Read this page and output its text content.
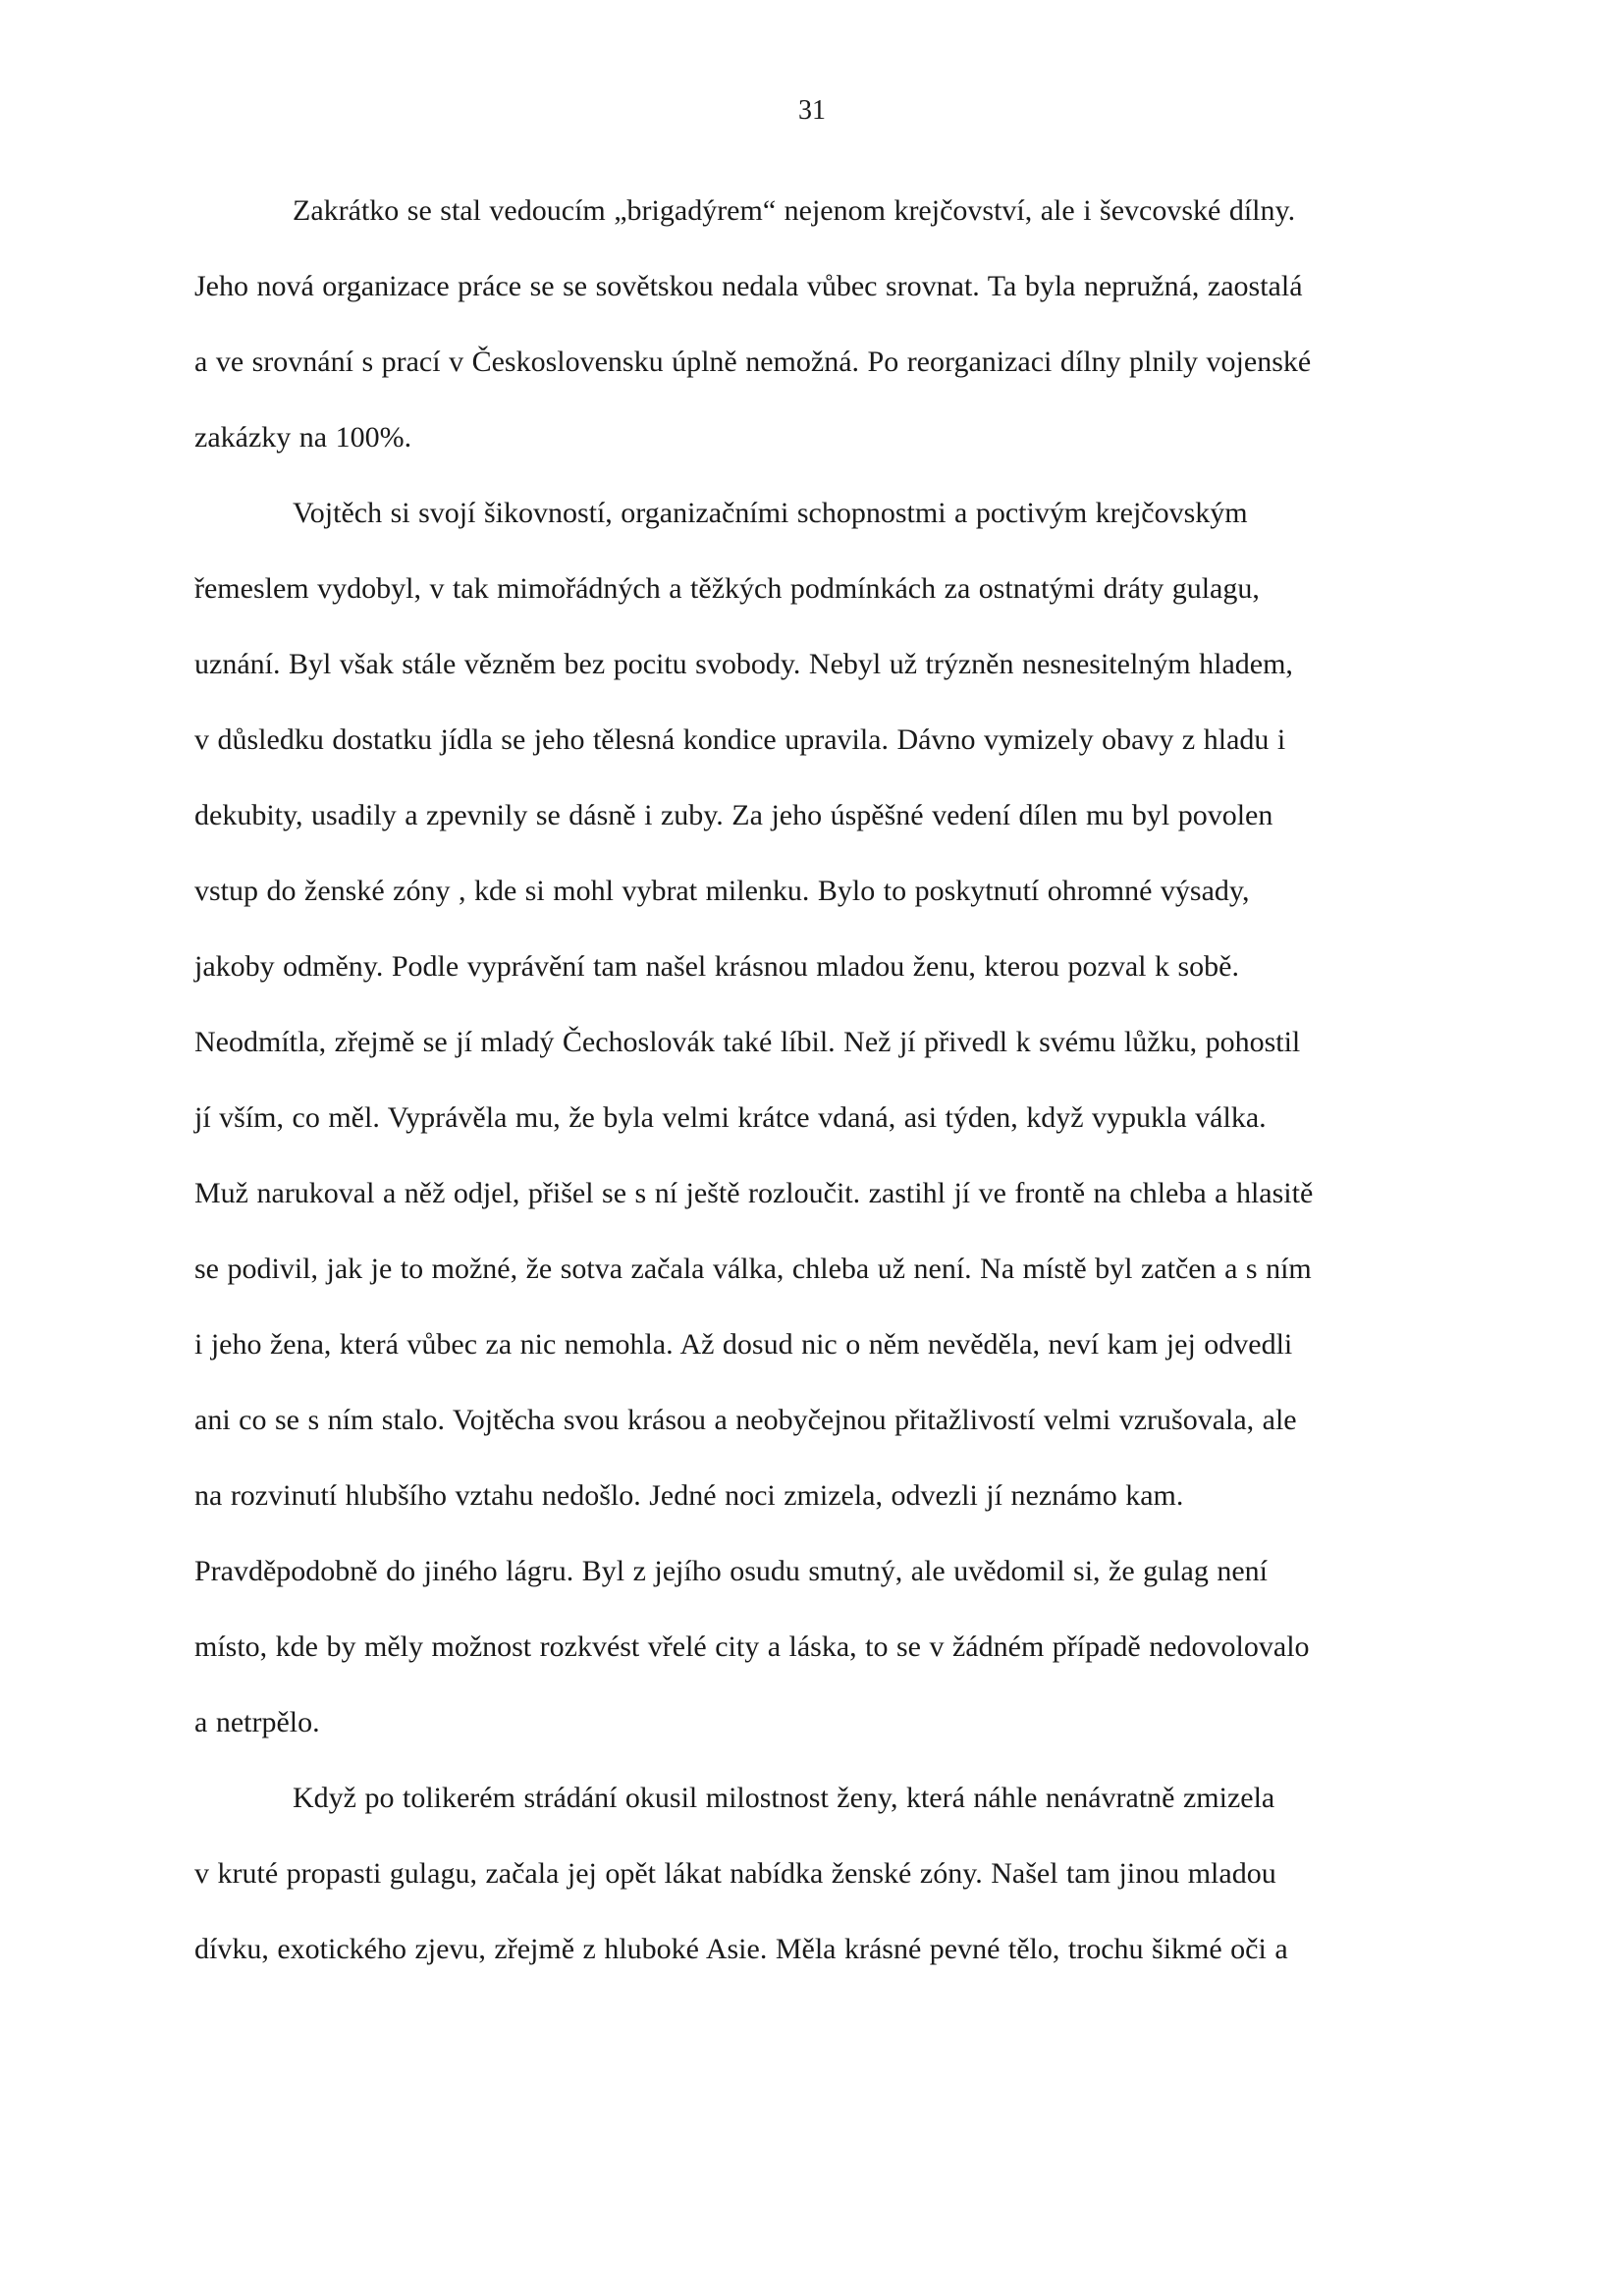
31
Zakrátko se stal vedoucím „brigadýrem“ nejenom krejčovství, ale i ševcovské dílny.
Jeho nová organizace práce se se sovětskou nedala vůbec srovnat. Ta byla nepružná, zaostalá
a ve srovnání s prací v Československu úplně nemožná. Po reorganizaci dílny plnily vojenské
zakázky na 100%.
Vojtěch si svojí šikovností, organizačními schopnostmi a poctivým krejčovským
řemeslem vydobyl, v tak mimořádných a těžkých podmínkách za ostnatými dráty gulagu,
uznání. Byl však stále vězněm bez pocitu svobody. Nebyl už trýzněn nesnesitelným hladem,
v důsledku dostatku jídla se jeho tělesná kondice upravila. Dávno vymizely obavy z hladu i
dekubity, usadily a zpevnily se dásně i zuby. Za jeho úspěšné vedení dílen mu byl povolen
vstup do ženské zóny , kde si mohl vybrat milenku. Bylo to poskytnutí ohromné výsady,
jakoby odměny. Podle vyprávění tam našel krásnou mladou ženu, kterou pozval k sobě.
Neodmítla, zřejmě se jí mladý Čechoslovák také líbil. Než jí přivedl k svému lůžku, pohostil
jí vším, co měl. Vyprávěla mu, že byla velmi krátce vdaná, asi týden, když vypukla válka.
Muž narukoval a něž odjel, přišel se s ní ještě rozloučit. zastihl jí ve frontě na chleba a hlasitě
se podivil, jak je to možné, že sotva začala válka, chleba už není. Na místě byl zatčen a s ním
i jeho žena, která vůbec za nic nemohla. Až dosud nic o něm nevěděla, neví kam jej odvedli
ani co se s ním stalo. Vojtěcha svou krásou a neobyčejnou přitažlivostí velmi vzrušovala, ale
na rozvinutí hlubšího vztahu nedošlo. Jedné noci zmizela, odvezli jí neznámo kam.
Pravděpodobně do jiného lágru. Byl z jejího osudu smutný, ale uvědomil si, že gulag není
místo, kde by měly možnost rozkvést vřelé city a láska, to se v žádném případě nedovolovalo
a netrpělo.
Když po tolikerém strádání okusil milostnost ženy, která náhle nenávratně zmizela
v kruté propasti gulagu, začala jej opět lákat nabídka ženské zóny. Našel tam jinou mladou
dívku, exotického zjevu, zřejmě z hluboké Asie. Měla krásné pevné tělo, trochu šikmé oči a
